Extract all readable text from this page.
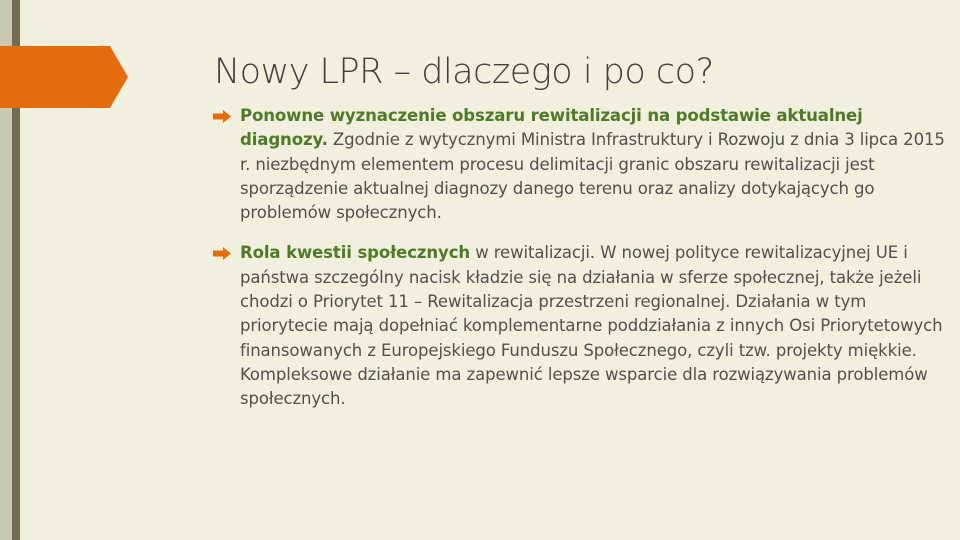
Nowy LPR – dlaczego i po co?
Ponowne wyznaczenie obszaru rewitalizacji na podstawie aktualnej diagnozy. Zgodnie z wytycznymi Ministra Infrastruktury i Rozwoju z dnia 3 lipca 2015 r. niezbędnym elementem procesu delimitacji granic obszaru rewitalizacji jest sporządzenie aktualnej diagnozy danego terenu oraz analizy dotykających go problemów społecznych.
Rola kwestii społecznych w rewitalizacji. W nowej polityce rewitalizacyjnej UE i państwa szczególny nacisk kładzie się na działania w sferze społecznej, także jeżeli chodzi o Priorytet 11 – Rewitalizacja przestrzeni regionalnej. Działania w tym priorytecie mają dopełniać komplementarne poddziałania z innych Osi Priorytetowych finansowanych z Europejskiego Funduszu Społecznego, czyli tzw. projekty miękkie. Kompleksowe działanie ma zapewnić lepsze wsparcie dla rozwiązywania problemów społecznych.
